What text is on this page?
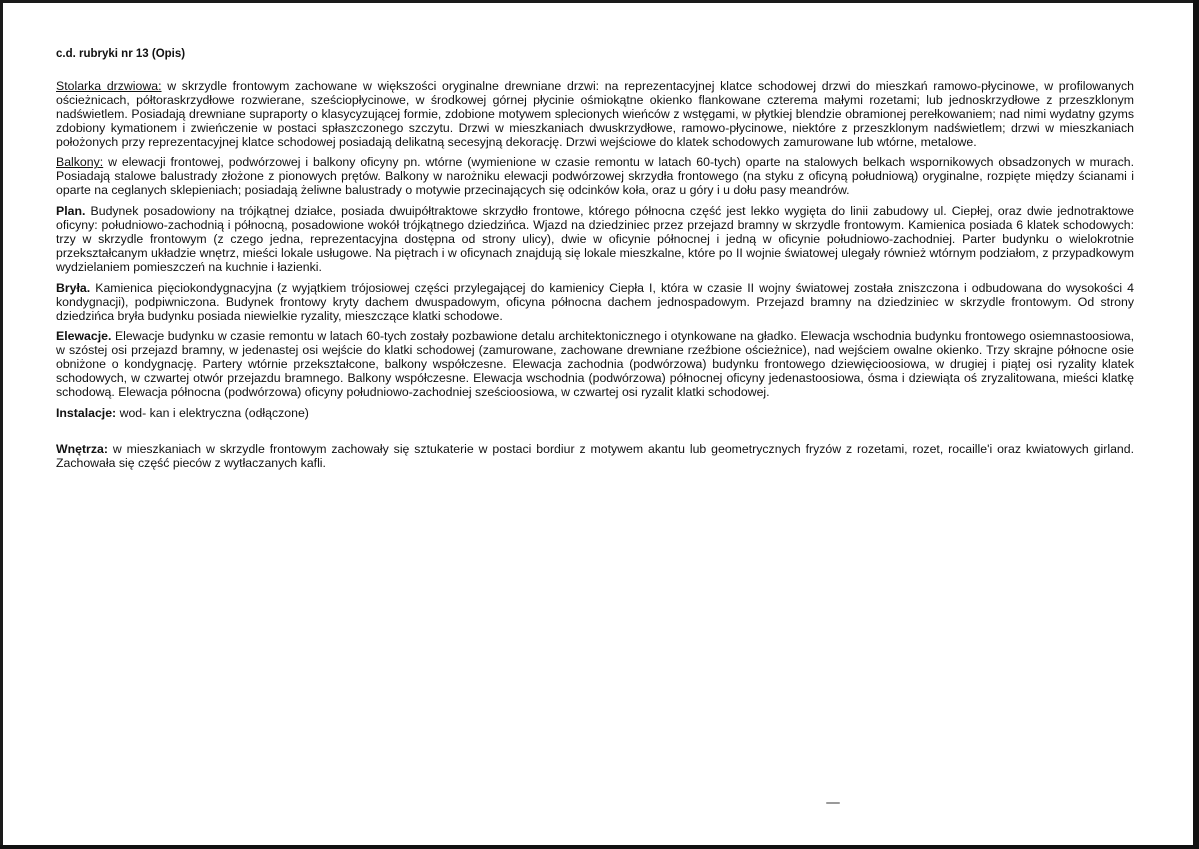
c.d. rubryki nr 13 (Opis)

Stolarka drzwiowa: w skrzydle frontowym zachowane w większości oryginalne drewniane drzwi: na reprezentacyjnej klatce schodowej drzwi do mieszkań ramowo-płycinowe, w profilowanych ościeżnicach, półtoraskrzydłowe rozwierane, sześciopłycinowe, w środkowej górnej płycinie ośmiokątne okienko flankowane czterema małymi rozetami; lub jednoskrzydłowe z przeszklonym nadświetlem. Posiadają drewniane supraporty o klasycyzującej formie, zdobione motywem splecionych wieńców z wstęgami, w płytkiej blendzie obramionej perełkowaniem; nad nimi wydatny gzyms zdobiony kymationem i zwieńczenie w postaci spłaszczonego szczytu. Drzwi w mieszkaniach dwuskrzydłowe, ramowo-płycinowe, niektóre z przeszklonym nadświetlem; drzwi w mieszkaniach położonych przy reprezentacyjnej klatce schodowej posiadają delikatną secesyjną dekorację. Drzwi wejściowe do klatek schodowych zamurowane lub wtórne, metalowe.

Balkony: w elewacji frontowej, podwórzowej i balkony oficyny pn. wtórne (wymienione w czasie remontu w latach 60-tych) oparte na stalowych belkach wspornikowych obsadzonych w murach. Posiadają stalowe balustrady złożone z pionowych prętów. Balkony w narożniku elewacji podwórzowej skrzydła frontowego (na styku z oficyną południową) oryginalne, rozpięte między ścianami i oparte na ceglanych sklepieniach; posiadają żeliwne balustrady o motywie przecinających się odcinków koła, oraz u góry i u dołu pasy meandrów.

Plan. Budynek posadowiony na trójkątnej działce, posiada dwuipółtraktowe skrzydło frontowe, którego północna część jest lekko wygięta do linii zabudowy ul. Ciepłej, oraz dwie jednotraktowe oficyny: południowo-zachodnią i północną, posadowione wokół trójkątnego dziedzińca. Wjazd na dziedziniec przez przejazd bramny w skrzydle frontowym. Kamienica posiada 6 klatek schodowych: trzy w skrzydle frontowym (z czego jedna, reprezentacyjna dostępna od strony ulicy), dwie w oficynie północnej i jedną w oficynie południowo-zachodniej. Parter budynku o wielokrotnie przekształcanym układzie wnętrz, mieści lokale usługowe. Na piętrach i w oficynach znajdują się lokale mieszkalne, które po II wojnie światowej ulegały również wtórnym podziałom, z przypadkowym wydzielaniem pomieszczeń na kuchnie i łazienki.

Bryła. Kamienica pięciokondygnacyjna (z wyjątkiem trójosiowej części przylegającej do kamienicy Ciepła I, która w czasie II wojny światowej została zniszczona i odbudowana do wysokości 4 kondygnacji), podpiwniczona. Budynek frontowy kryty dachem dwuspadowym, oficyna północna dachem jednospadowym. Przejazd bramny na dziedziniec w skrzydle frontowym. Od strony dziedzińca bryła budynku posiada niewielkie ryzality, mieszczące klatki schodowe.

Elewacje. Elewacje budynku w czasie remontu w latach 60-tych zostały pozbawione detalu architektonicznego i otynkowane na gładko. Elewacja wschodnia budynku frontowego osiemnastoosiowa, w szóstej osi przejazd bramny, w jedenastej osi wejście do klatki schodowej (zamurowane, zachowane drewniane rzeźbione ościeżnice), nad wejściem owalne okienko. Trzy skrajne północne osie obniżone o kondygnację. Partery wtórnie przekształcone, balkony współczesne. Elewacja zachodnia (podwórzowa) budynku frontowego dziewięcioosiowa, w drugiej i piątej osi ryzality klatek schodowych, w czwartej otwór przejazdu bramnego. Balkony współczesne. Elewacja wschodnia (podwórzowa) północnej oficyny jedenastoosiowa, ósma i dziewiąta oś zryzalitowana, mieści klatkę schodową. Elewacja północna (podwórzowa) oficyny południowo-zachodniej sześcioosiowa, w czwartej osi ryzalit klatki schodowej.

Instalacje: wod- kan i elektryczna (odłączone)

Wnętrza: w mieszkaniach w skrzydle frontowym zachowały się sztukaterie w postaci bordiur z motywem akantu lub geometrycznych fryzów z rozetami, rozet, rocaille'i oraz kwiatowych girland. Zachowała się część pieców z wytłaczanych kafli.
